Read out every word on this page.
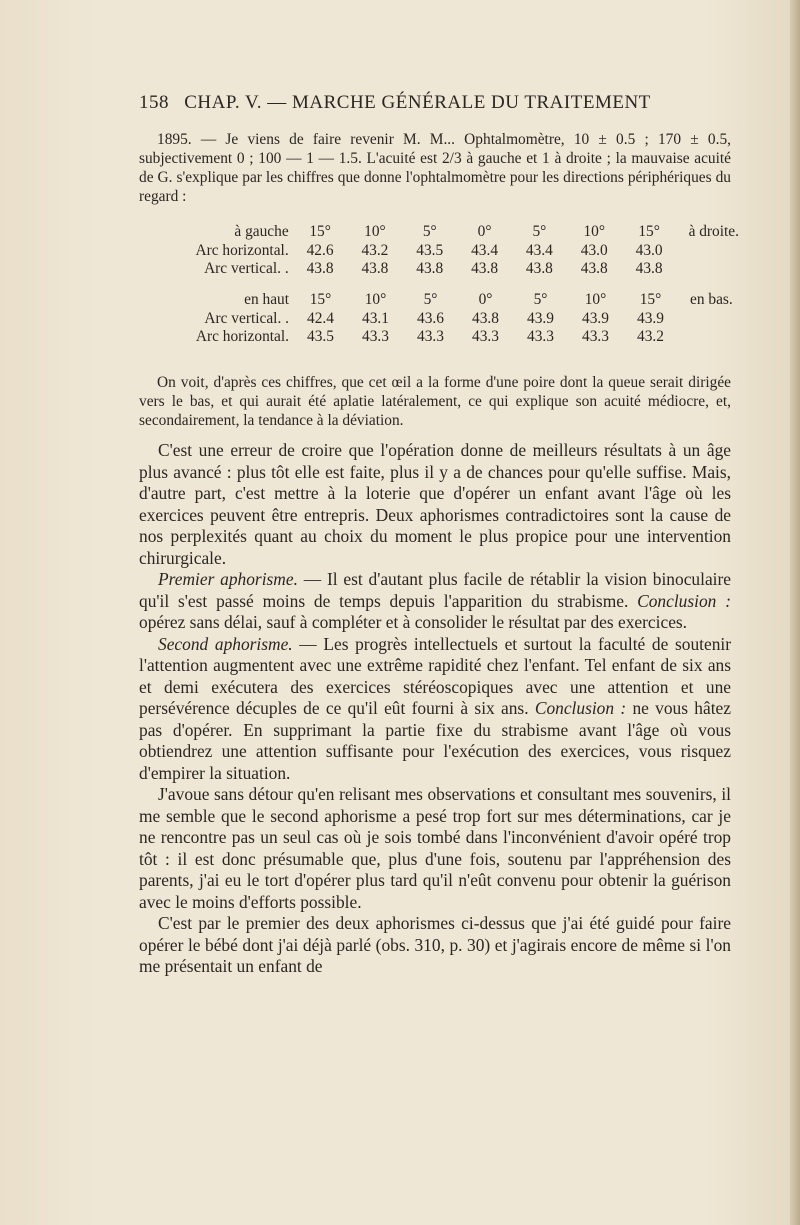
158 CHAP. V. — MARCHE GÉNÉRALE DU TRAITEMENT

1895. — Je viens de faire revenir M. M... Ophtalmomètre, 10 ± 0.5 ; 170 ± 0.5, subjectivement 0 ; 100 — 1 — 1.5. L'acuité est 2/3 à gauche et 1 à droite ; la mauvaise acuité de G. s'explique par les chiffres que donne l'ophtalmomètre pour les directions périphériques du regard :

à gauche	15°	10°	5°	0°	5°	10°	15°	à droite.
Arc horizontal.	42.6	43.2	43.5	43.4	43.4	43.0	43.0	
Arc vertical. .	43.8	43.8	43.8	43.8	43.8	43.8	43.8	
en haut	15°	10°	5°	0°	5°	10°	15°	en bas.
Arc vertical. .	42.4	43.1	43.6	43.8	43.9	43.9	43.9	
Arc horizontal.	43.5	43.3	43.3	43.3	43.3	43.3	43.2	

On voit, d'après ces chiffres, que cet œil a la forme d'une poire dont la queue serait dirigée vers le bas, et qui aurait été aplatie latéralement, ce qui explique son acuité médiocre, et, secondairement, la tendance à la déviation.

C'est une erreur de croire que l'opération donne de meilleurs résultats à un âge plus avancé : plus tôt elle est faite, plus il y a de chances pour qu'elle suffise. Mais, d'autre part, c'est mettre à la loterie que d'opérer un enfant avant l'âge où les exercices peuvent être entrepris. Deux aphorismes contradictoires sont la cause de nos perplexités quant au choix du moment le plus propice pour une intervention chirurgicale.

Premier aphorisme. — Il est d'autant plus facile de rétablir la vision binoculaire qu'il s'est passé moins de temps depuis l'apparition du strabisme. Conclusion : opérez sans délai, sauf à compléter et à consolider le résultat par des exercices.

Second aphorisme. — Les progrès intellectuels et surtout la faculté de soutenir l'attention augmentent avec une extrême rapidité chez l'enfant. Tel enfant de six ans et demi exécutera des exercices stéréoscopiques avec une attention et une persévérence décuples de ce qu'il eût fourni à six ans. Conclusion : ne vous hâtez pas d'opérer. En supprimant la partie fixe du strabisme avant l'âge où vous obtiendrez une attention suffisante pour l'exécution des exercices, vous risquez d'empirer la situation.

J'avoue sans détour qu'en relisant mes observations et consultant mes souvenirs, il me semble que le second aphorisme a pesé trop fort sur mes déterminations, car je ne rencontre pas un seul cas où je sois tombé dans l'inconvénient d'avoir opéré trop tôt : il est donc présumable que, plus d'une fois, soutenu par l'appréhension des parents, j'ai eu le tort d'opérer plus tard qu'il n'eût convenu pour obtenir la guérison avec le moins d'efforts possible.

C'est par le premier des deux aphorismes ci-dessus que j'ai été guidé pour faire opérer le bébé dont j'ai déjà parlé (obs. 310, p. 30) et j'agirais encore de même si l'on me présentait un enfant de
